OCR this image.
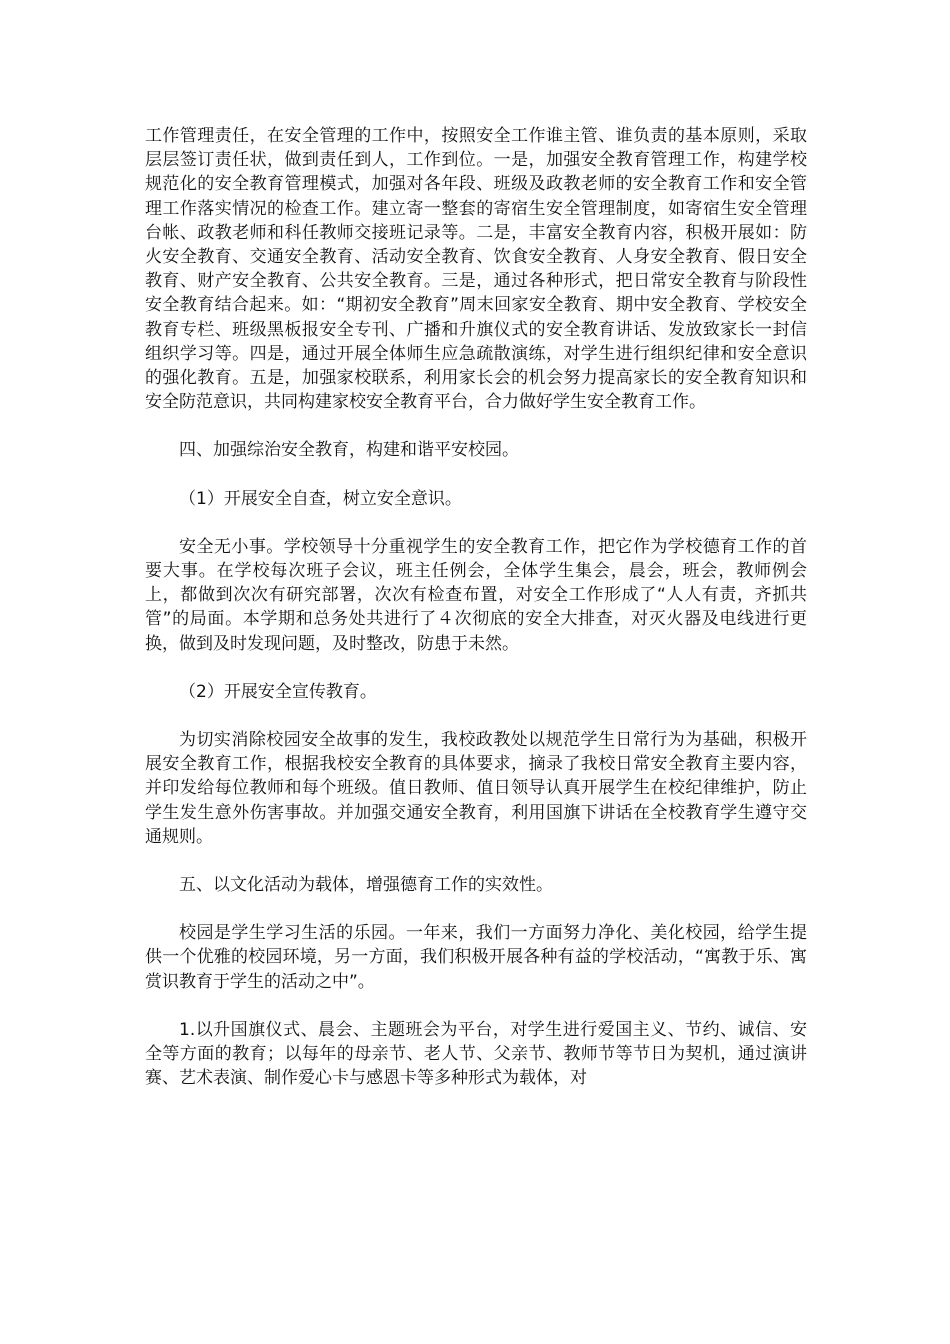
工作管理责任，在安全管理的工作中，按照安全工作谁主管、谁负责的基本原则，采取层层签订责任状，做到责任到人，工作到位。一是，加强安全教育管理工作，构建学校规范化的安全教育管理模式，加强对各年段、班级及政教老师的安全教育工作和安全管理工作落实情况的检查工作。建立寄一整套的寄宿生安全管理制度，如寄宿生安全管理台帐、政教老师和科任教师交接班记录等。二是，丰富安全教育内容，积极开展如：防火安全教育、交通安全教育、活动安全教育、饮食安全教育、人身安全教育、假日安全教育、财产安全教育、公共安全教育。三是，通过各种形式，把日常安全教育与阶段性安全教育结合起来。如：“期初安全教育”周末回家安全教育、期中安全教育、学校安全教育专栏、班级黑板报安全专刊、广播和升旗仪式的安全教育讲话、发放致家长一封信组织学习等。四是，通过开展全体师生应急疏散演练，对学生进行组织纪律和安全意识的强化教育。五是，加强家校联系，利用家长会的机会努力提高家长的安全教育知识和安全防范意识，共同构建家校安全教育平台，合力做好学生安全教育工作。

四、加强综治安全教育，构建和谐平安校园。

（1）开展安全自查，树立安全意识。

安全无小事。学校领导十分重视学生的安全教育工作，把它作为学校德育工作的首要大事。在学校每次班子会议，班主任例会，全体学生集会，晨会，班会，教师例会上，都做到次次有研究部署，次次有检查布置，对安全工作形成了“人人有责，齐抓共管”的局面。本学期和总务处共进行了４次彻底的安全大排查，对灭火器及电线进行更换，做到及时发现问题，及时整改，防患于未然。

（2）开展安全宣传教育。

为切实消除校园安全故事的发生，我校政教处以规范学生日常行为为基础，积极开展安全教育工作，根据我校安全教育的具体要求，摘录了我校日常安全教育主要内容，并印发给每位教师和每个班级。值日教师、值日领导认真开展学生在校纪律维护，防止学生发生意外伤害事故。并加强交通安全教育，利用国旗下讲话在全校教育学生遵守交通规则。

五、以文化活动为载体，增强德育工作的实效性。

校园是学生学习生活的乐园。一年来，我们一方面努力净化、美化校园，给学生提供一个优雅的校园环境，另一方面，我们积极开展各种有益的学校活动，“寓教于乐、寓赏识教育于学生的活动之中”。

1.以升国旗仪式、晨会、主题班会为平台，对学生进行爱国主义、节约、诚信、安全等方面的教育；以每年的母亲节、老人节、父亲节、教师节等节日为契机，通过演讲赛、艺术表演、制作爱心卡与感恩卡等多种形式为载体，对
